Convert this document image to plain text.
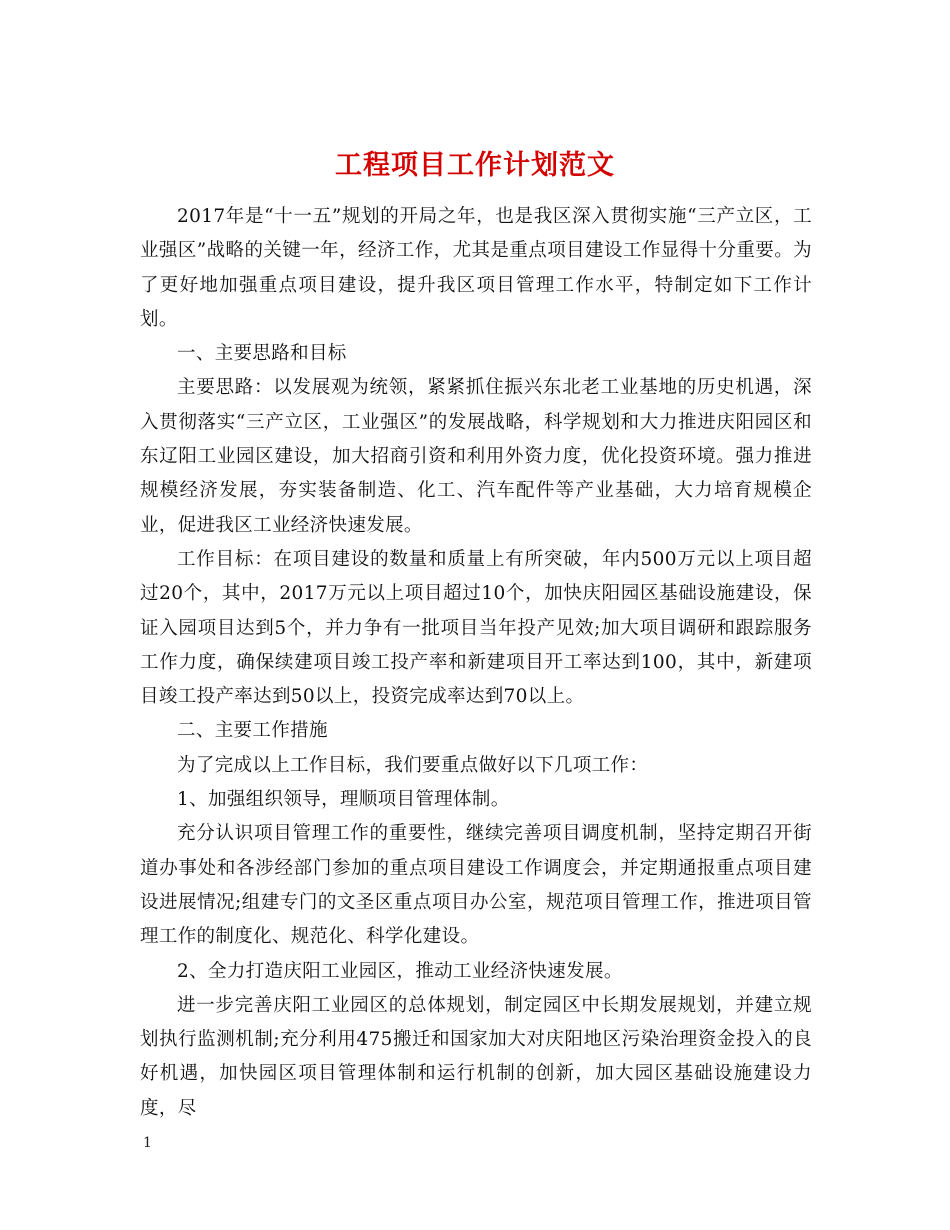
工程项目工作计划范文

2017年是“十一五”规划的开局之年，也是我区深入贯彻实施“三产立区，工业强区”战略的关键一年，经济工作，尤其是重点项目建设工作显得十分重要。为了更好地加强重点项目建设，提升我区项目管理工作水平，特制定如下工作计划。

一、主要思路和目标

主要思路：以发展观为统领，紧紧抓住振兴东北老工业基地的历史机遇，深入贯彻落实“三产立区，工业强区”的发展战略，科学规划和大力推进庆阳园区和东辽阳工业园区建设，加大招商引资和利用外资力度，优化投资环境。强力推进规模经济发展，夯实装备制造、化工、汽车配件等产业基础，大力培育规模企业，促进我区工业经济快速发展。

工作目标：在项目建设的数量和质量上有所突破，年内500万元以上项目超过20个，其中，2017万元以上项目超过10个，加快庆阳园区基础设施建设，保证入园项目达到5个，并力争有一批项目当年投产见效;加大项目调研和跟踪服务工作力度，确保续建项目竣工投产率和新建项目开工率达到100，其中，新建项目竣工投产率达到50以上，投资完成率达到70以上。

二、主要工作措施

为了完成以上工作目标，我们要重点做好以下几项工作：

1、加强组织领导，理顺项目管理体制。

充分认识项目管理工作的重要性，继续完善项目调度机制，坚持定期召开街道办事处和各涉经部门参加的重点项目建设工作调度会，并定期通报重点项目建设进展情况;组建专门的文圣区重点项目办公室，规范项目管理工作，推进项目管理工作的制度化、规范化、科学化建设。

2、全力打造庆阳工业园区，推动工业经济快速发展。

进一步完善庆阳工业园区的总体规划，制定园区中长期发展规划，并建立规划执行监测机制;充分利用475搬迁和国家加大对庆阳地区污染治理资金投入的良好机遇，加快园区项目管理体制和运行机制的创新，加大园区基础设施建设力度，尽

1
